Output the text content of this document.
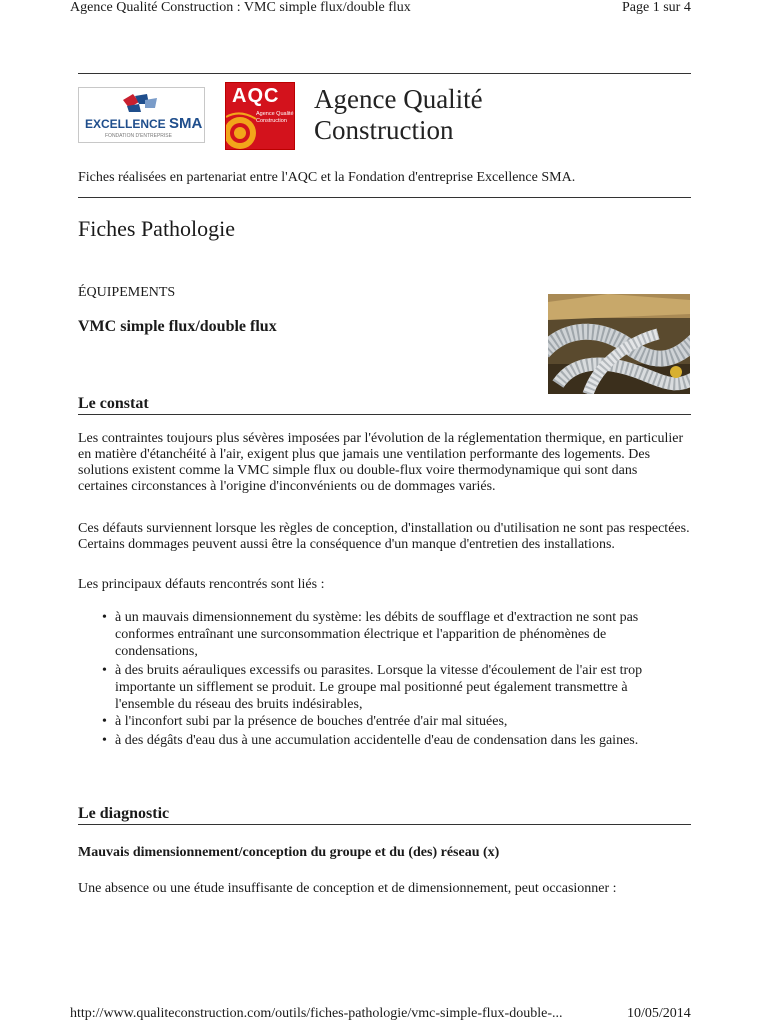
Agence Qualité Construction : VMC simple flux/double flux	Page 1 sur 4
EXCELLENCE SMA
FONDATION D'ENTREPRISE
AQC
Agence Qualité Construction
Agence Qualité
Construction
Fiches réalisées en partenariat entre l'AQC et la Fondation d'entreprise Excellence SMA.
Fiches Pathologie
ÉQUIPEMENTS
VMC simple flux/double flux
Le constat

Les contraintes toujours plus sévères imposées par l'évolution de la réglementation thermique, en particulier en matière d'étanchéité à l'air, exigent plus que jamais une ventilation performante des logements. Des solutions existent comme la VMC simple flux ou double-flux voire thermodynamique qui sont dans certaines circonstances à l'origine d'inconvénients ou de dommages variés.

Ces défauts surviennent lorsque les règles de conception, d'installation ou d'utilisation ne sont pas respectées. Certains dommages peuvent aussi être la conséquence d'un manque d'entretien des installations.

Les principaux défauts rencontrés sont liés :

• à un mauvais dimensionnement du système: les débits de soufflage et d'extraction ne sont pas conformes entraînant une surconsommation électrique et l'apparition de phénomènes de condensations,
• à des bruits aérauliques excessifs ou parasites. Lorsque la vitesse d'écoulement de l'air est trop
importante un sifflement se produit. Le groupe mal positionné peut également transmettre à l'ensemble du réseau des bruits indésirables,
• à l'inconfort subi par la présence de bouches d'entrée d'air mal situées,
• à des dégâts d'eau dus à une accumulation accidentelle d'eau de condensation dans les gaines.
Le diagnostic
Mauvais dimensionnement/conception du groupe et du (des) réseau (x)

Une absence ou une étude insuffisante de conception et de dimensionnement, peut occasionner :

http://www.qualiteconstruction.com/outils/fiches-pathologie/vmc-simple-flux-double-...	10/05/2014
